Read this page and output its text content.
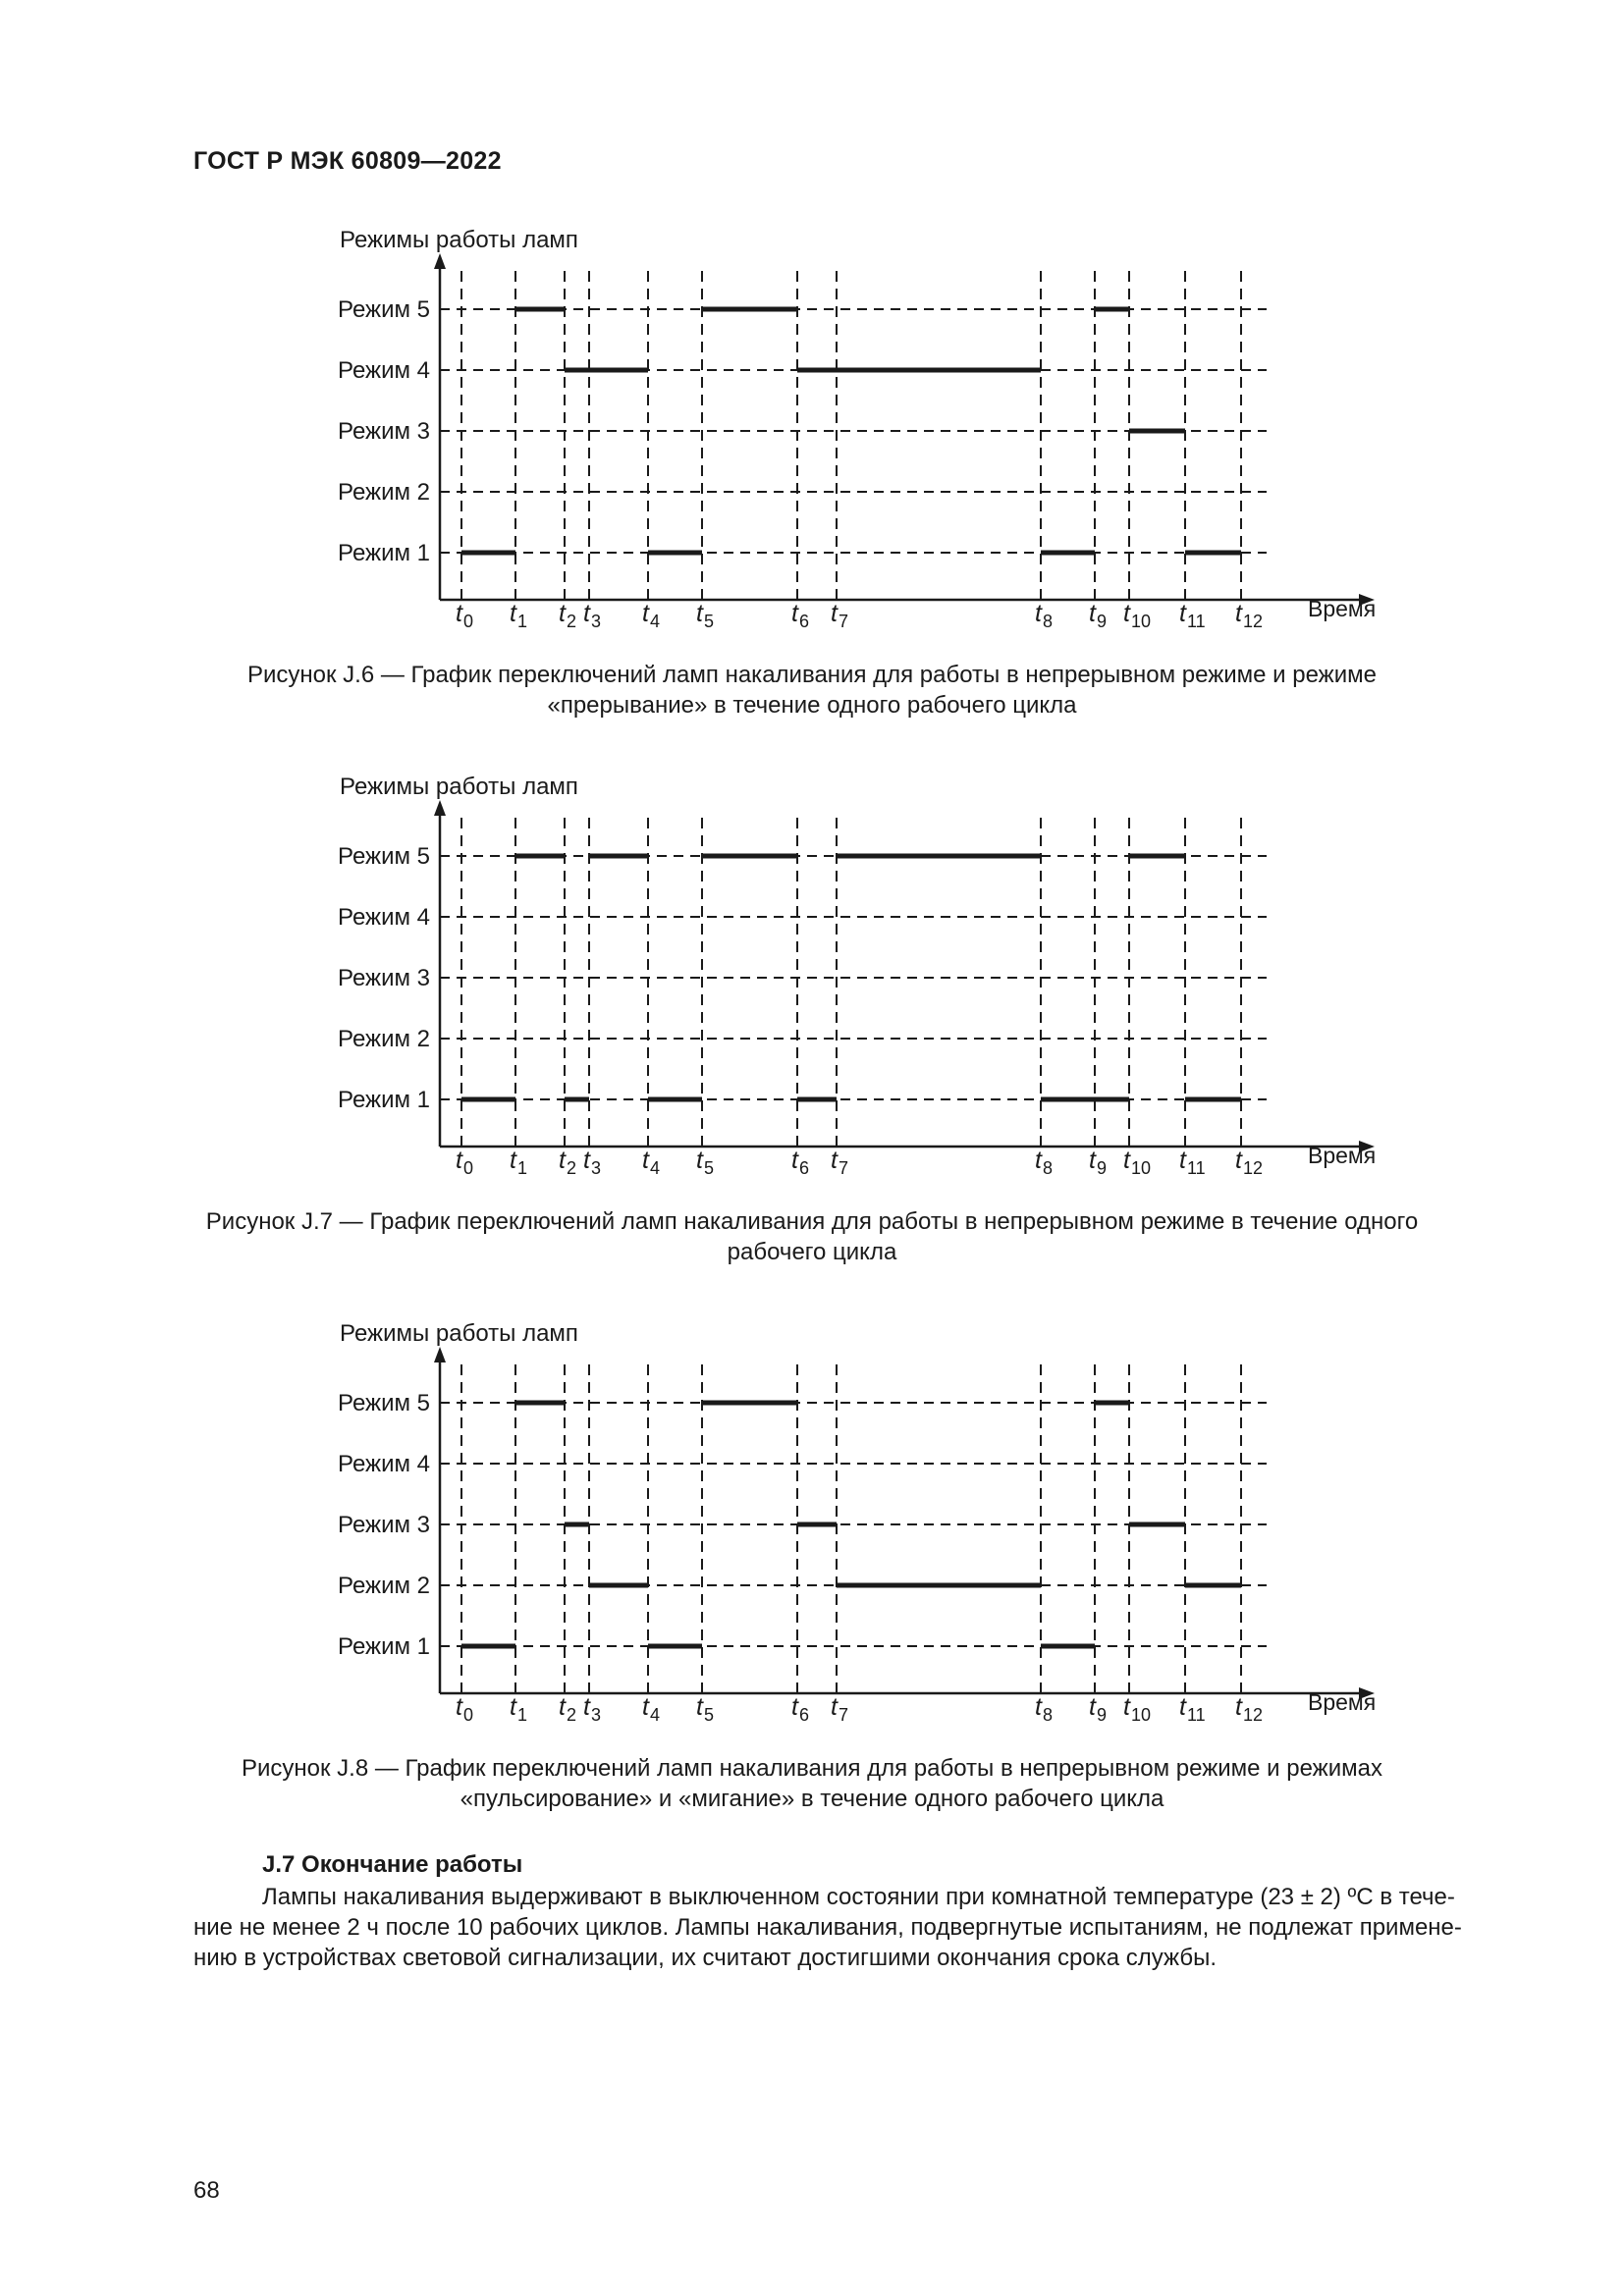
ГОСТ Р МЭК 60809—2022
Режим 1
Режим 2
Режим 3
Режим 4
Режим 5
$t_0$ $t_1$ $t_2$ $t_3$ $t_4$ $t_5$	$t_6$ $t_7$	$t_8$ $t_9$ $t_{10}$ $t_{11}$ $t_{12}$
Режимы работы ламп
Время
Рисунок J.6 — График переключений ламп накаливания для работы в непрерывном режиме и режиме
«прерывание» в течение одного рабочего цикла
Режим 1
Режим 2
Режим 3
Режим 4
Режим 5
$t_0$ $t_1$ $t_2$ $t_3$ $t_4$ $t_5$	$t_6$ $t_7$	$t_8$ $t_9$ $t_{10}$ $t_{11}$ $t_{12}$
Режимы работы ламп
Время
Рисунок J.7 — График переключений ламп накаливания для работы в непрерывном режиме в течение одного
рабочего цикла
Режим 1
Режим 2
Режим 3
Режим 4
Режим 5
$t_0$ $t_1$ $t_2$ $t_3$ $t_4$ $t_5$	$t_6$ $t_7$	$t_8$ $t_9$ $t_{10}$ $t_{11}$ $t_{12}$
Режимы работы ламп
Время
Рисунок J.8 — График переключений ламп накаливания для работы в непрерывном режиме и режимах
«пульсирование» и «мигание» в течение одного рабочего цикла
J.7 Окончание работы
Лампы накаливания выдерживают в выключенном состоянии при комнатной температуре (23 ± 2) ºC в тече-
ние не менее 2 ч после 10 рабочих циклов. Лампы накаливания, подвергнутые испытаниям, не подлежат примене-
нию в устройствах световой сигнализации, их считают достигшими окончания срока службы.
68
